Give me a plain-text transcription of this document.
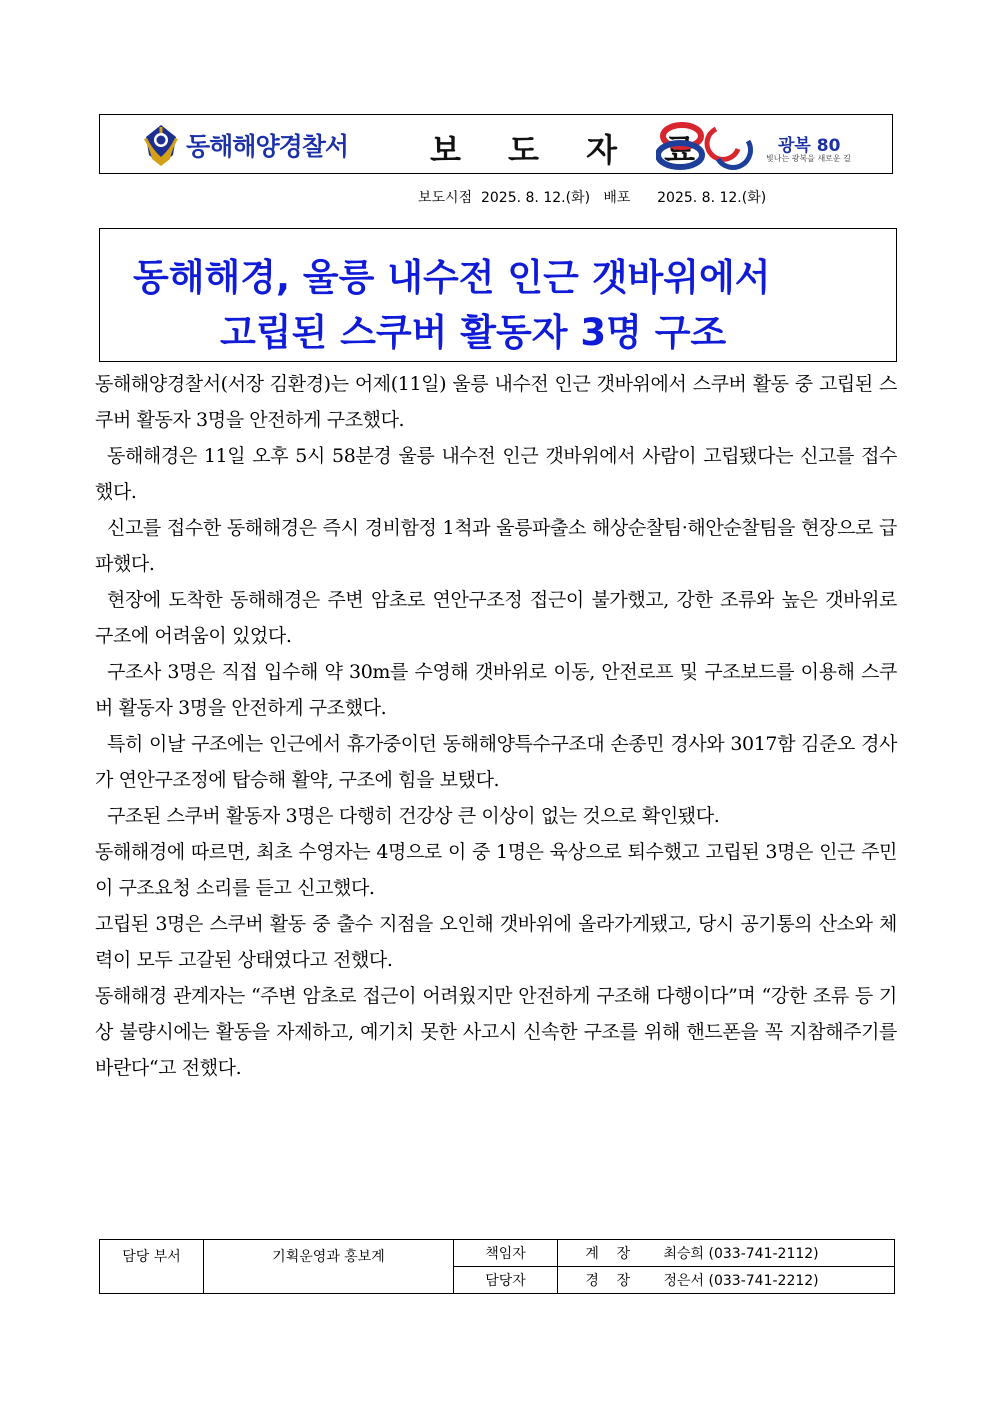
동해해양경찰서	보 도 자 료	광복 80
빛나는 광복을 새로운 길
보도시점  2025. 8. 12.(화)   배포      2025. 8. 12.(화)
동해해경, 울릉 내수전 인근 갯바위에서
고립된 스쿠버 활동자 3명 구조

동해해양경찰서(서장 김환경)는 어제(11일) 울릉 내수전 인근 갯바위에서 스쿠버 활동 중 고립된 스쿠버 활동자 3명을 안전하게 구조했다.

동해해경은 11일 오후 5시 58분경 울릉 내수전 인근 갯바위에서 사람이 고립됐다는 신고를 접수했다.

신고를 접수한 동해해경은 즉시 경비함정 1척과 울릉파출소 해상순찰팀·해안순찰팀을 현장으로 급파했다.

현장에 도착한 동해해경은 주변 암초로 연안구조정 접근이 불가했고, 강한 조류와 높은 갯바위로 구조에 어려움이 있었다.

구조사 3명은 직접 입수해 약 30m를 수영해 갯바위로 이동, 안전로프 및 구조보드를 이용해 스쿠버 활동자 3명을 안전하게 구조했다.

특히 이날 구조에는 인근에서 휴가중이던 동해해양특수구조대 손종민 경사와 3017함 김준오 경사가 연안구조정에 탑승해 활약, 구조에 힘을 보탰다.

구조된 스쿠버 활동자 3명은 다행히 건강상 큰 이상이 없는 것으로 확인됐다.

동해해경에 따르면, 최초 수영자는 4명으로 이 중 1명은 육상으로 퇴수했고 고립된 3명은 인근 주민이 구조요청 소리를 듣고 신고했다.

고립된 3명은 스쿠버 활동 중 출수 지점을 오인해 갯바위에 올라가게됐고, 당시 공기통의 산소와 체력이 모두 고갈된 상태였다고 전했다.

동해해경 관계자는 “주변 암초로 접근이 어려웠지만 안전하게 구조해 다행이다”며 “강한 조류 등 기상 불량시에는 활동을 자제하고, 예기치 못한 사고시 신속한 구조를 위해 핸드폰을 꼭 지참해주기를 바란다“고 전했다.

담당 부서	기획운영과 홍보계	책임자	계    장	최승희 (033-741-2112)
		담당자	경    장	정은서 (033-741-2212)
